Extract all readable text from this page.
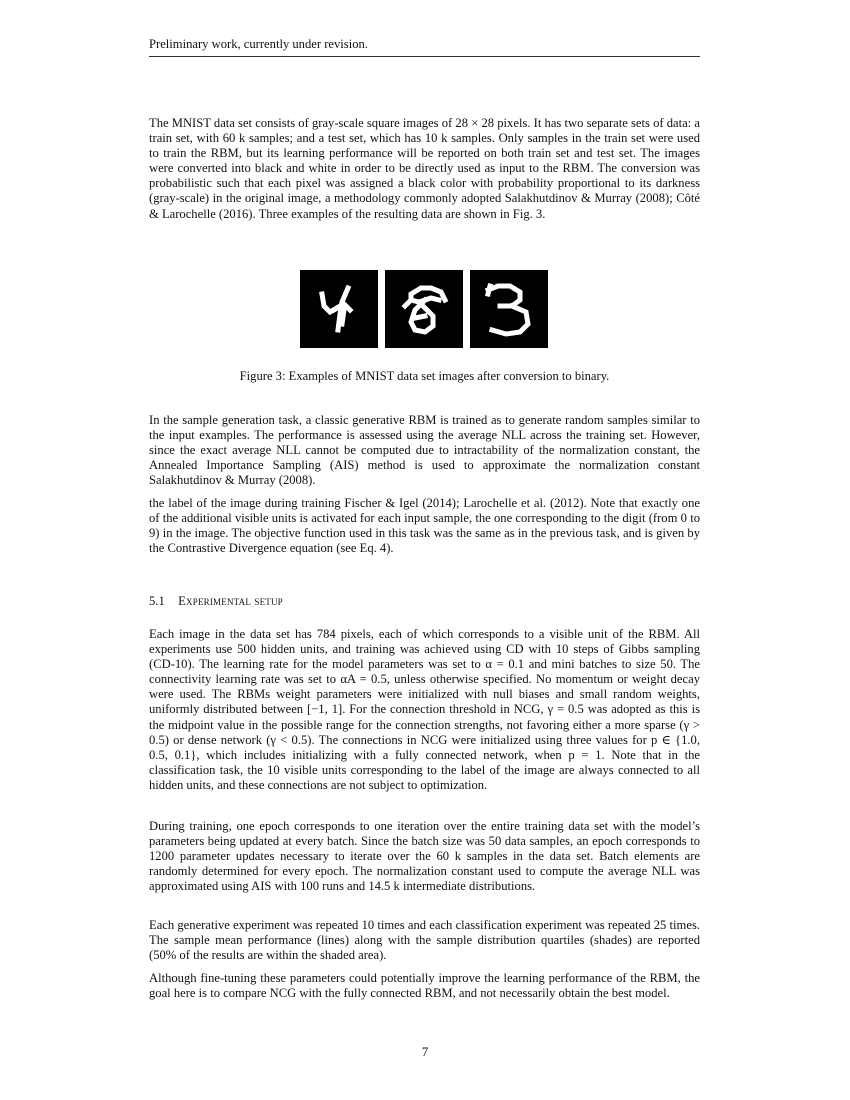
Preliminary work, currently under revision.

The MNIST data set consists of gray-scale square images of 28 × 28 pixels. It has two separate sets of data: a train set, with 60 k samples; and a test set, which has 10 k samples. Only samples in the train set were used to train the RBM, but its learning performance will be reported on both train set and test set. The images were converted into black and white in order to be directly used as input to the RBM. The conversion was probabilistic such that each pixel was assigned a black color with probability proportional to its darkness (gray-scale) in the original image, a methodology commonly adopted Salakhutdinov & Murray (2008); Côté & Larochelle (2016). Three examples of the resulting data are shown in Fig. 3.

Figure 3: Examples of MNIST data set images after conversion to binary.

In the sample generation task, a classic generative RBM is trained as to generate random samples similar to the input examples. The performance is assessed using the average NLL across the training set. However, since the exact average NLL cannot be computed due to intractability of the normalization constant, the Annealed Importance Sampling (AIS) method is used to approximate the normalization constant Salakhutdinov & Murray (2008).

the label of the image during training Fischer & Igel (2014); Larochelle et al. (2012). Note that exactly one of the additional visible units is activated for each input sample, the one corresponding to the digit (from 0 to 9) in the image. The objective function used in this task was the same as in the previous task, and is given by the Contrastive Divergence equation (see Eq. 4).

5.1 Experimental setup

Each image in the data set has 784 pixels, each of which corresponds to a visible unit of the RBM. All experiments use 500 hidden units, and training was achieved using CD with 10 steps of Gibbs sampling (CD-10). The learning rate for the model parameters was set to α = 0.1 and mini batches to size 50. The connectivity learning rate was set to αA = 0.5, unless otherwise specified. No momentum or weight decay were used. The RBMs weight parameters were initialized with null biases and small random weights, uniformly distributed between [−1, 1]. For the connection threshold in NCG, γ = 0.5 was adopted as this is the midpoint value in the possible range for the connection strengths, not favoring either a more sparse (γ > 0.5) or dense network (γ < 0.5). The connections in NCG were initialized using three values for p ∈ {1.0, 0.5, 0.1}, which includes initializing with a fully connected network, when p = 1. Note that in the classification task, the 10 visible units corresponding to the label of the image are always connected to all hidden units, and these connections are not subject to optimization.

During training, one epoch corresponds to one iteration over the entire training data set with the model’s parameters being updated at every batch. Since the batch size was 50 data samples, an epoch corresponds to 1200 parameter updates necessary to iterate over the 60 k samples in the data set. Batch elements are randomly determined for every epoch. The normalization constant used to compute the average NLL was approximated using AIS with 100 runs and 14.5 k intermediate distributions.

Each generative experiment was repeated 10 times and each classification experiment was repeated 25 times. The sample mean performance (lines) along with the sample distribution quartiles (shades) are reported (50% of the results are within the shaded area).

Although fine-tuning these parameters could potentially improve the learning performance of the RBM, the goal here is to compare NCG with the fully connected RBM, and not necessarily obtain the best model.

7
